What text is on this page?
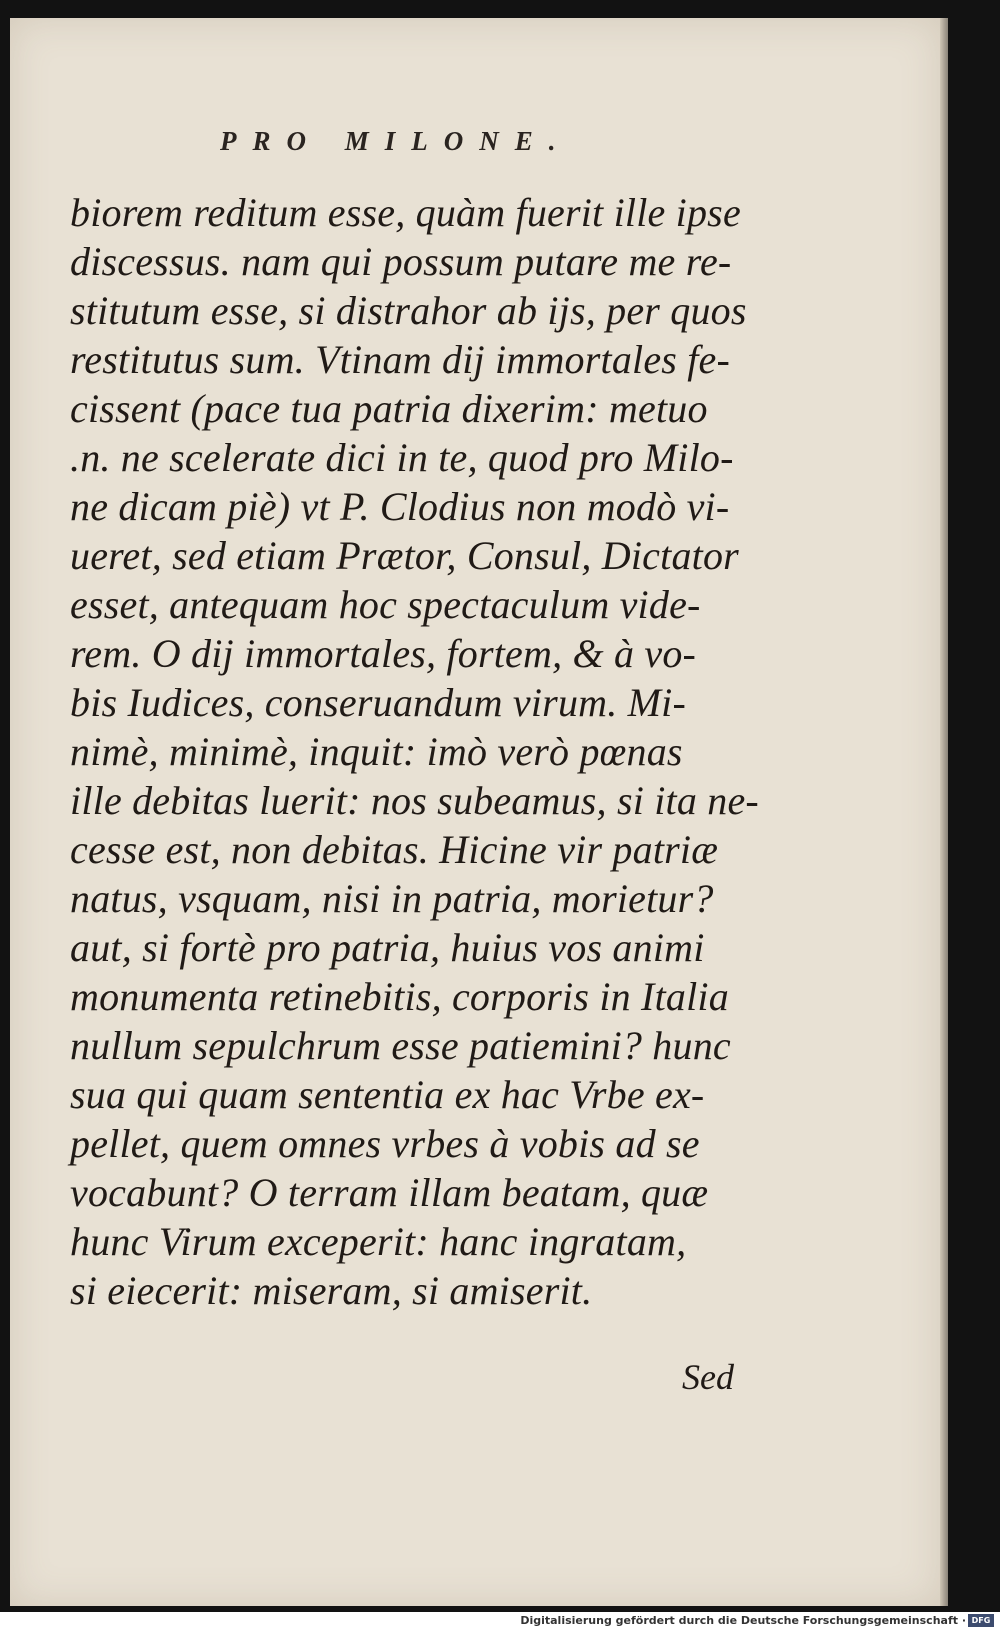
PRO MILONE.
biorem reditum esse, quàm fuerit ille ipse
discessus. nam qui possum putare me re-
stitutum esse, si distrahor ab ijs, per quos
restitutus sum. Vtinam dij immortales fe-
cissent (pace tua patria dixerim: metuo
.n. ne scelerate dici in te, quod pro Milo-
ne dicam piè) vt P. Clodius non modò vi-
ueret, sed etiam Prætor, Consul, Dictator
esset, antequam hoc spectaculum vide-
rem. O dij immortales, fortem, & à vo-
bis Iudices, conseruandum virum. Mi-
nimè, minimè, inquit: imò verò pœnas
ille debitas luerit: nos subeamus, si ita ne-
cesse est, non debitas. Hicine vir patriæ
natus, vsquam, nisi in patria, morietur?
aut, si fortè pro patria, huius vos animi
monumenta retinebitis, corporis in Italia
nullum sepulchrum esse patiemini? hunc
sua qui quam sententia ex hac Vrbe ex-
pellet, quem omnes vrbes à vobis ad se
vocabunt? O terram illam beatam, quæ
hunc Virum exceperit: hanc ingratam,
si eiecerit: miseram, si amiserit.
Sed
Digitalisierung gefördert durch die Deutsche Forschungsgemeinschaft · DFG
